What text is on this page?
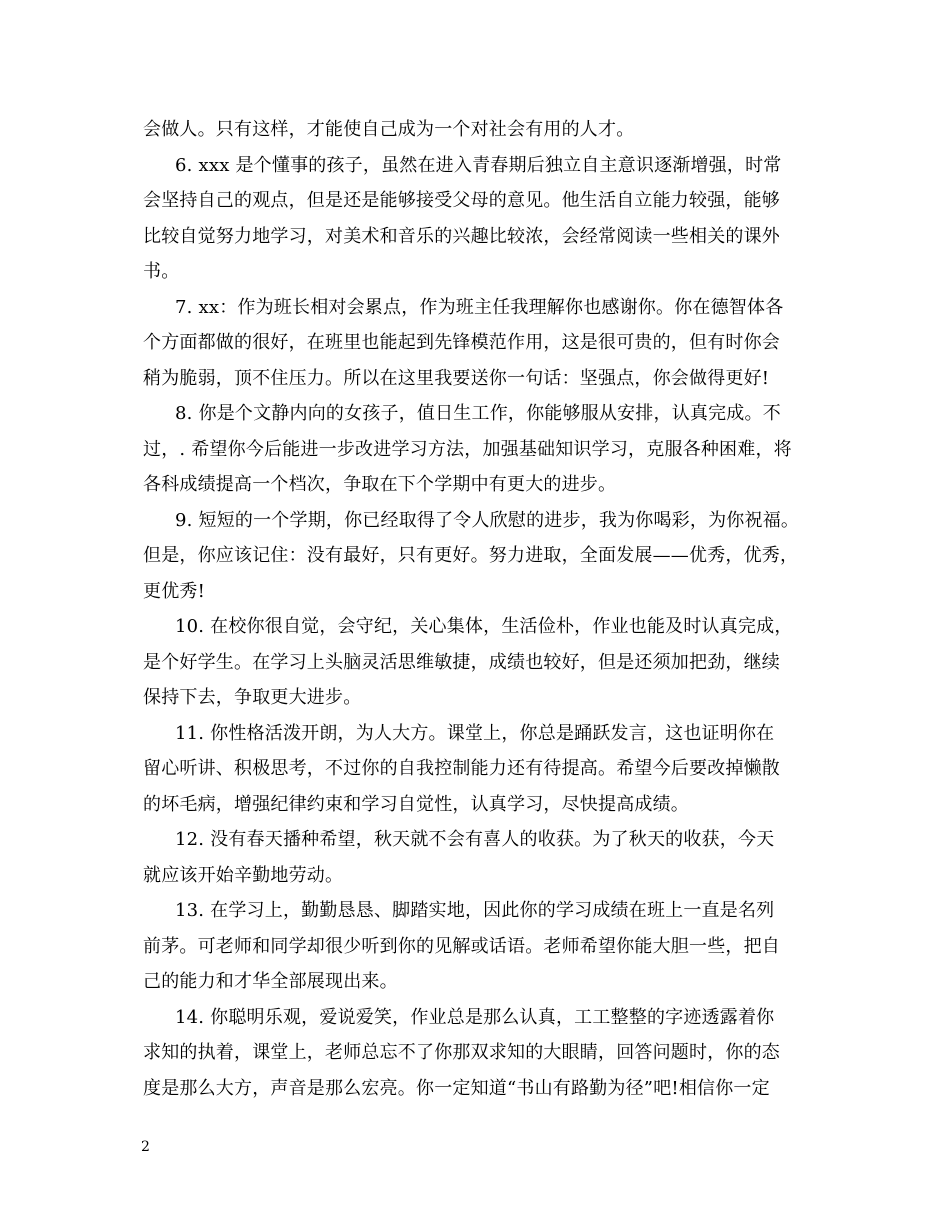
会做人。只有这样，才能使自己成为一个对社会有用的人才。
6. xxx 是个懂事的孩子，虽然在进入青春期后独立自主意识逐渐增强，时常
会坚持自己的观点，但是还是能够接受父母的意见。他生活自立能力较强，能够
比较自觉努力地学习，对美术和音乐的兴趣比较浓，会经常阅读一些相关的课外
书。
7. xx：作为班长相对会累点，作为班主任我理解你也感谢你。你在德智体各
个方面都做的很好，在班里也能起到先锋模范作用，这是很可贵的，但有时你会
稍为脆弱，顶不住压力。所以在这里我要送你一句话：坚强点，你会做得更好!
8. 你是个文静内向的女孩子，值日生工作，你能够服从安排，认真完成。不
过，. 希望你今后能进一步改进学习方法，加强基础知识学习，克服各种困难，将
各科成绩提高一个档次，争取在下个学期中有更大的进步。
9. 短短的一个学期，你已经取得了令人欣慰的进步，我为你喝彩，为你祝福。
但是，你应该记住：没有最好，只有更好。努力进取，全面发展——优秀，优秀，
更优秀!
10. 在校你很自觉，会守纪，关心集体，生活俭朴，作业也能及时认真完成，
是个好学生。在学习上头脑灵活思维敏捷，成绩也较好，但是还须加把劲，继续
保持下去，争取更大进步。
11. 你性格活泼开朗，为人大方。课堂上，你总是踊跃发言，这也证明你在
留心听讲、积极思考，不过你的自我控制能力还有待提高。希望今后要改掉懒散
的坏毛病，增强纪律约束和学习自觉性，认真学习，尽快提高成绩。
12. 没有春天播种希望，秋天就不会有喜人的收获。为了秋天的收获，今天
就应该开始辛勤地劳动。
13. 在学习上，勤勤恳恳、脚踏实地，因此你的学习成绩在班上一直是名列
前茅。可老师和同学却很少听到你的见解或话语。老师希望你能大胆一些，把自
己的能力和才华全部展现出来。
14. 你聪明乐观，爱说爱笑，作业总是那么认真，工工整整的字迹透露着你
求知的执着，课堂上，老师总忘不了你那双求知的大眼睛，回答问题时，你的态
度是那么大方，声音是那么宏亮。你一定知道“书山有路勤为径”吧!相信你一定
2
